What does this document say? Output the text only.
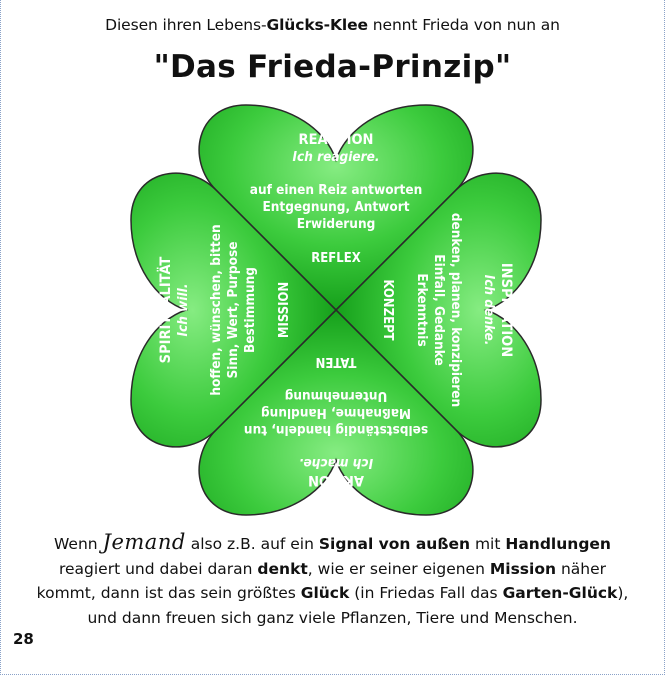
Diesen ihren Lebens-Glücks-Klee nennt Frieda von nun an
"Das Frieda-Prinzip"
REAKTION
Ich reagiere.
auf einen Reiz antworten
Entgegnung, Antwort
Erwiderung
REFLEX
INSPIRATION
Ich denke.
denken, planen, konzipieren
Einfall, Gedanke
Erkenntnis
KONZEPT
AKTION
Ich mache.
selbstständig handeln, tun
Maßnahme, Handlung
Unternehmung
TATEN
SPIRITUALITÄT Ich will. hoffen, wünschen, bitten Sinn, Wert, Purpose Bestimmung MISSION
Wenn Jemand also z.B. auf ein Signal von außen mit Handlungen
reagiert und dabei daran denkt, wie er seiner eigenen Mission näher
kommt, dann ist das sein größtes Glück (in Friedas Fall das Garten-Glück),
und dann freuen sich ganz viele Pflanzen, Tiere und Menschen.
28
